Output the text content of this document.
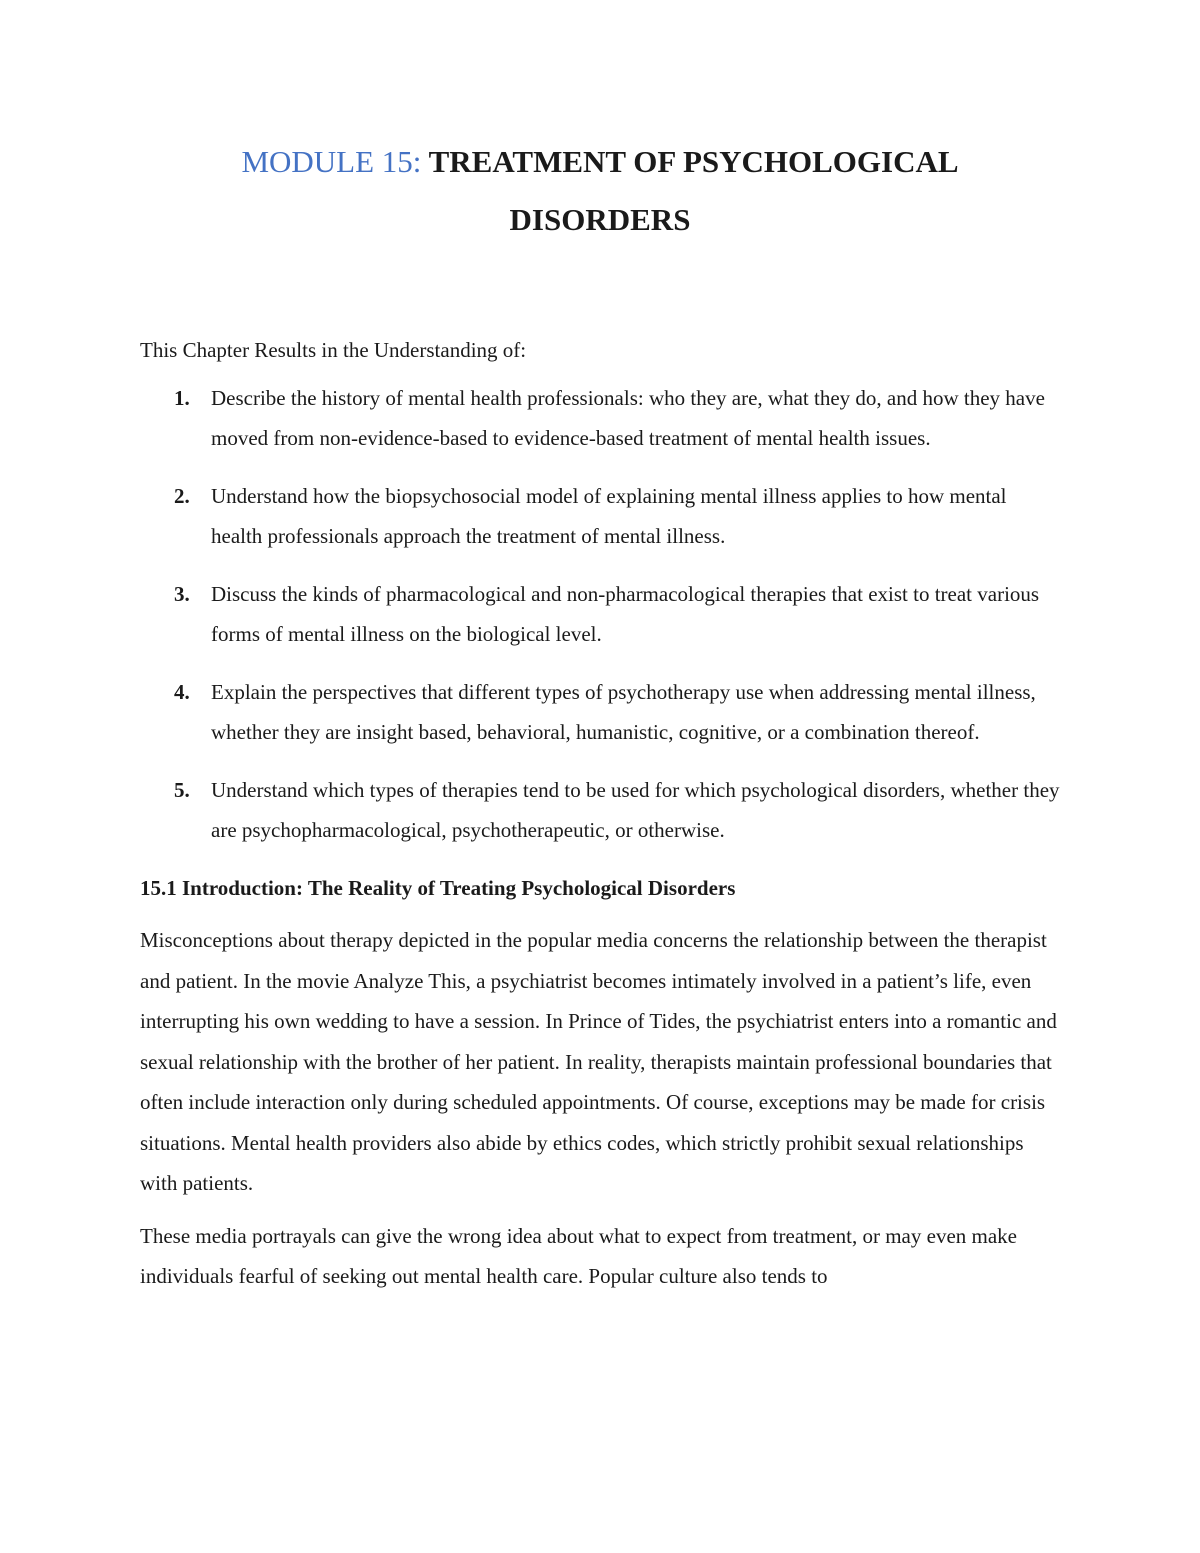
MODULE 15: TREATMENT OF PSYCHOLOGICAL
DISORDERS

This Chapter Results in the Understanding of:

1. Describe the history of mental health professionals: who they are, what they do, and how they have moved from non-evidence-based to evidence-based treatment of mental health issues.
2. Understand how the biopsychosocial model of explaining mental illness applies to how mental health professionals approach the treatment of mental illness.
3. Discuss the kinds of pharmacological and non-pharmacological therapies that exist to treat various forms of mental illness on the biological level.
4. Explain the perspectives that different types of psychotherapy use when addressing mental illness, whether they are insight based, behavioral, humanistic, cognitive, or a combination thereof.
5. Understand which types of therapies tend to be used for which psychological disorders, whether they are psychopharmacological, psychotherapeutic, or otherwise.

15.1 Introduction: The Reality of Treating Psychological Disorders

Misconceptions about therapy depicted in the popular media concerns the relationship between the therapist and patient. In the movie Analyze This, a psychiatrist becomes intimately involved in a patient’s life, even interrupting his own wedding to have a session. In Prince of Tides, the psychiatrist enters into a romantic and sexual relationship with the brother of her patient. In reality, therapists maintain professional boundaries that often include interaction only during scheduled appointments. Of course, exceptions may be made for crisis situations. Mental health providers also abide by ethics codes, which strictly prohibit sexual relationships with patients.

These media portrayals can give the wrong idea about what to expect from treatment, or may even make individuals fearful of seeking out mental health care. Popular culture also tends to
